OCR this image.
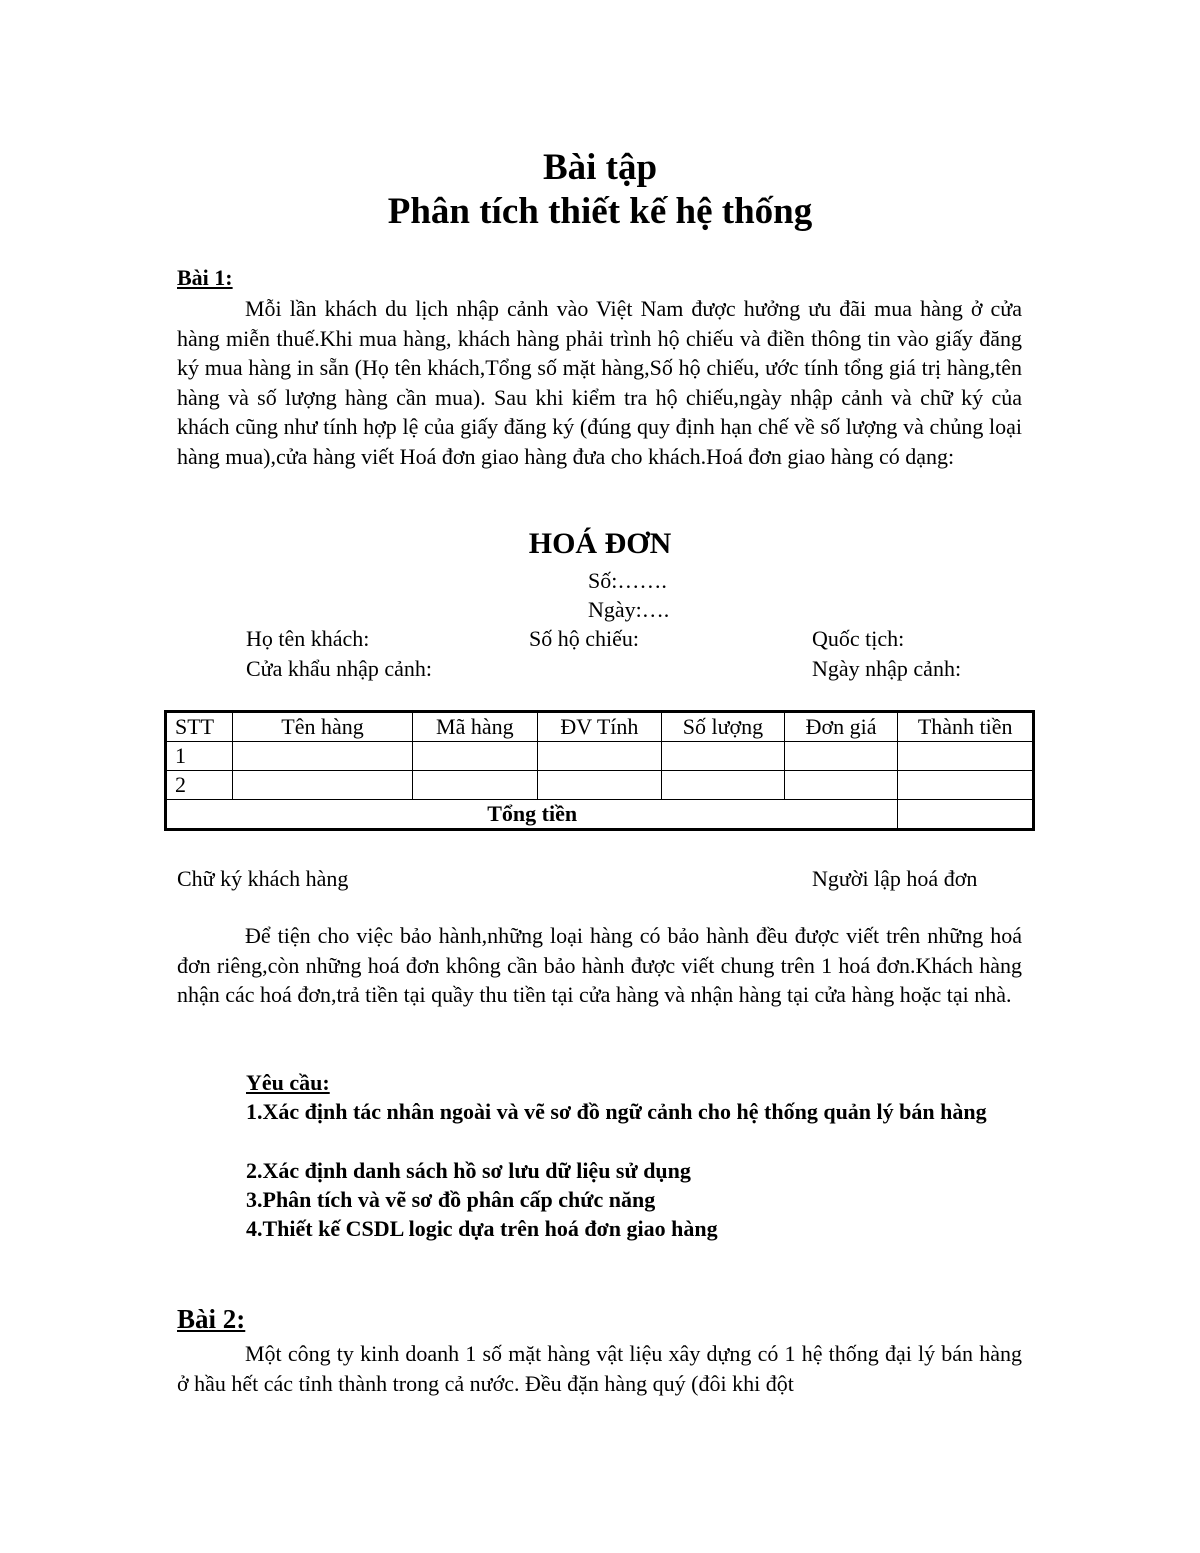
Bài tập
Phân tích thiết kế hệ thống
Bài 1:
Mỗi lần khách du lịch nhập cảnh vào Việt Nam được hưởng ưu đãi mua hàng ở cửa hàng miễn thuế.Khi mua hàng, khách hàng phải trình hộ chiếu và điền thông tin vào giấy đăng ký mua hàng in sẵn (Họ tên khách,Tổng số mặt hàng,Số hộ chiếu, ước tính tổng giá trị hàng,tên hàng và số lượng hàng cần mua). Sau khi kiểm tra hộ chiếu,ngày nhập cảnh và chữ ký của khách cũng như tính hợp lệ của giấy đăng ký (đúng quy định hạn chế về số lượng và chủng loại hàng mua),cửa hàng viết Hoá đơn giao hàng đưa cho khách.Hoá đơn giao hàng có dạng:
HOÁ ĐƠN
Số:…….
Ngày:….
Họ tên khách:	Số hộ chiếu:	Quốc tịch:
Cửa khẩu nhập cảnh:	Ngày nhập cảnh:
STT	Tên hàng	Mã hàng	ĐV Tính	Số lượng	Đơn giá	Thành tiền
1						
2						
Tổng tiền						
Chữ ký khách hàng	Người lập hoá đơn
Để tiện cho việc bảo hành,những loại hàng có bảo hành đều được viết trên những hoá đơn riêng,còn những hoá đơn không cần bảo hành được viết chung trên 1 hoá đơn.Khách hàng nhận các hoá đơn,trả tiền tại quầy thu tiền tại cửa hàng và nhận hàng tại cửa hàng hoặc tại nhà.
Yêu cầu:
1.Xác định tác nhân ngoài và vẽ sơ đồ ngữ cảnh cho hệ thống quản lý bán hàng
2.Xác định danh sách hồ sơ lưu dữ liệu sử dụng
3.Phân tích và vẽ sơ đồ phân cấp chức năng
4.Thiết kế CSDL logic dựa trên hoá đơn giao hàng
Bài 2:
Một công ty kinh doanh 1 số mặt hàng vật liệu xây dựng có 1 hệ thống đại lý bán hàng ở hầu hết các tỉnh thành trong cả nước. Đều đặn hàng quý (đôi khi đột
